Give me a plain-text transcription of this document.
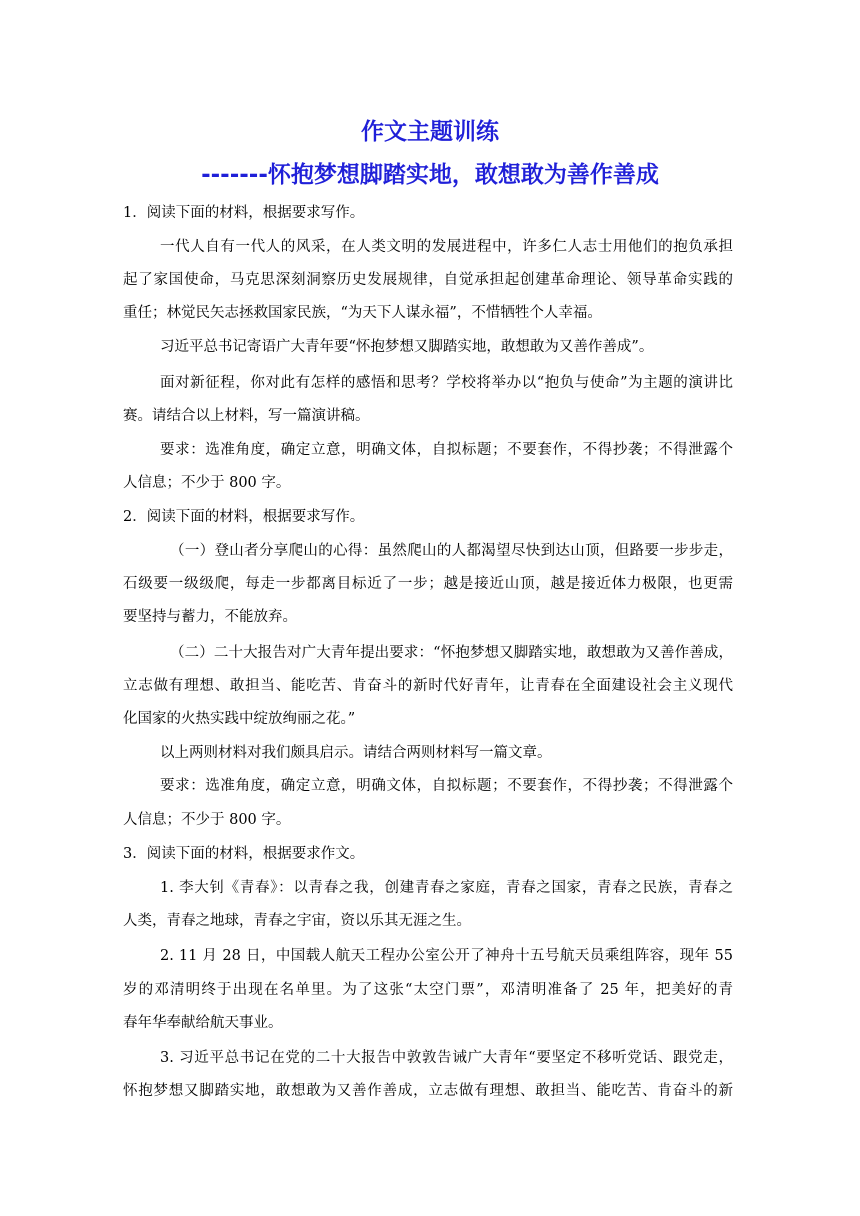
作文主题训练
-------怀抱梦想脚踏实地，敢想敢为善作善成
1．阅读下面的材料，根据要求写作。
一代人自有一代人的风采，在人类文明的发展进程中，许多仁人志士用他们的抱负承担
起了家国使命，马克思深刻洞察历史发展规律，自觉承担起创建革命理论、领导革命实践的
重任；林觉民矢志拯救国家民族，“为天下人谋永福”，不惜牺牲个人幸福。
习近平总书记寄语广大青年要“怀抱梦想又脚踏实地，敢想敢为又善作善成”。
面对新征程，你对此有怎样的感悟和思考？学校将举办以“抱负与使命”为主题的演讲比
赛。请结合以上材料，写一篇演讲稿。
要求：选准角度，确定立意，明确文体，自拟标题；不要套作，不得抄袭；不得泄露个
人信息；不少于 800 字。
2．阅读下面的材料，根据要求写作。
（一）登山者分享爬山的心得：虽然爬山的人都渴望尽快到达山顶，但路要一步步走，
石级要一级级爬，每走一步都离目标近了一步；越是接近山顶，越是接近体力极限，也更需
要坚持与蓄力，不能放弃。
（二）二十大报告对广大青年提出要求：“怀抱梦想又脚踏实地，敢想敢为又善作善成，
立志做有理想、敢担当、能吃苦、肯奋斗的新时代好青年，让青春在全面建设社会主义现代
化国家的火热实践中绽放绚丽之花。”
以上两则材料对我们颇具启示。请结合两则材料写一篇文章。
要求：选准角度，确定立意，明确文体，自拟标题；不要套作，不得抄袭；不得泄露个
人信息；不少于 800 字。
3．阅读下面的材料，根据要求作文。
1. 李大钊《青春》：以青春之我，创建青春之家庭，青春之国家，青春之民族，青春之
人类，青春之地球，青春之宇宙，资以乐其无涯之生。
2. 11 月 28 日，中国载人航天工程办公室公开了神舟十五号航天员乘组阵容，现年 55
岁的邓清明终于出现在名单里。为了这张“太空门票”，邓清明准备了 25 年，把美好的青
春年华奉献给航天事业。
3. 习近平总书记在党的二十大报告中敦敦告诫广大青年“要坚定不移听党话、跟党走，
怀抱梦想又脚踏实地，敢想敢为又善作善成，立志做有理想、敢担当、能吃苦、肯奋斗的新
